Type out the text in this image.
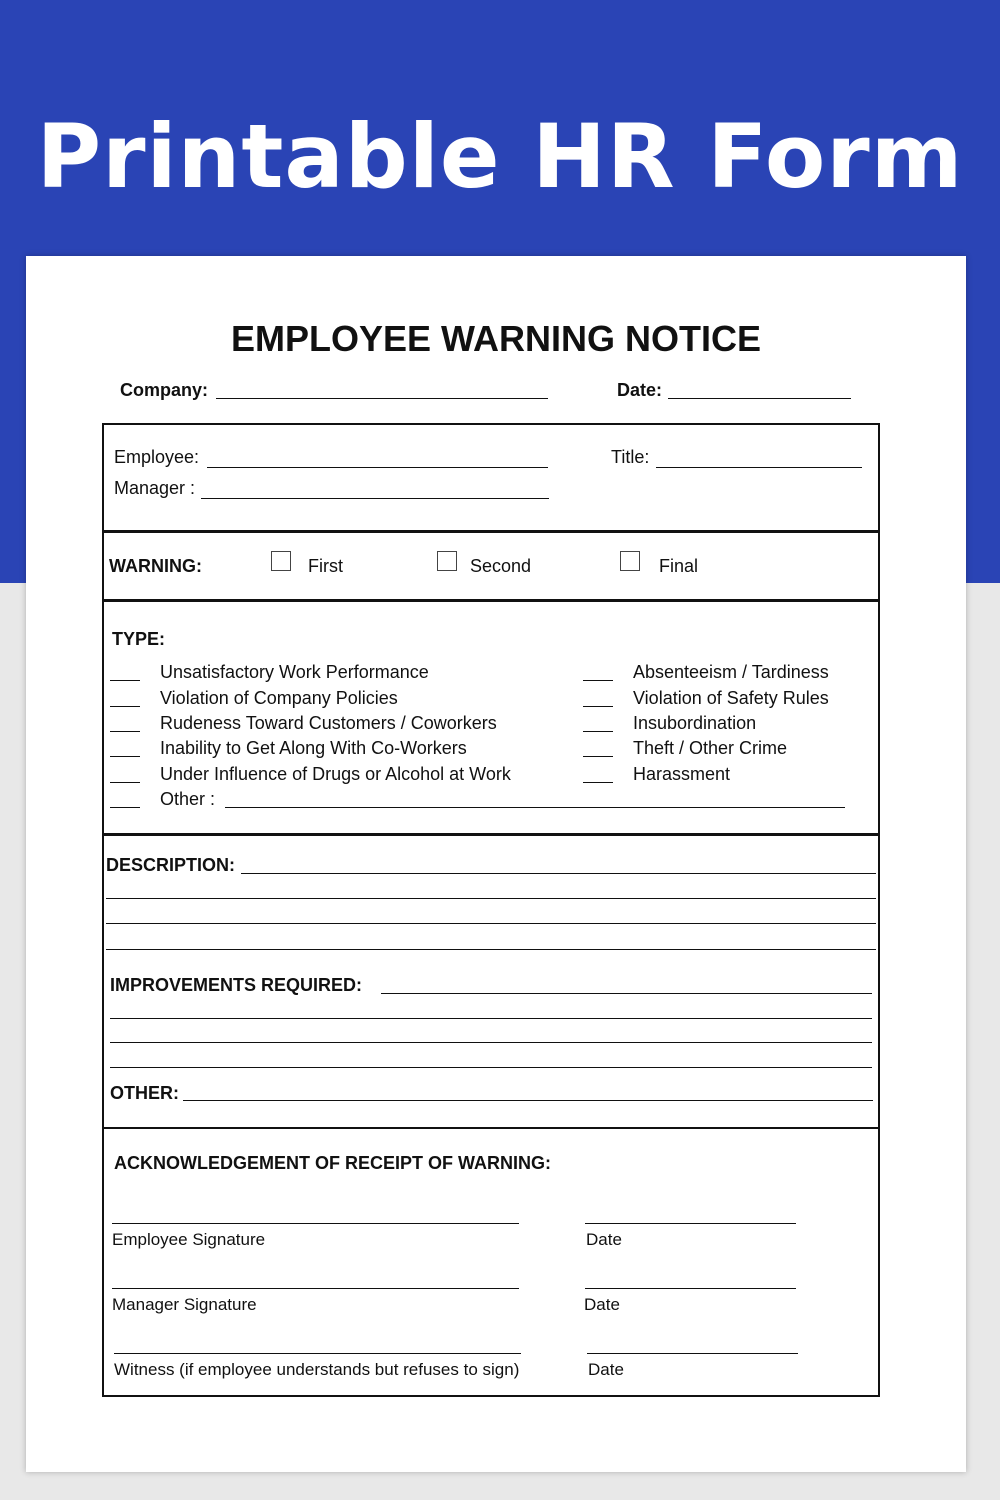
Printable HR Form
EMPLOYEE WARNING NOTICE
Company:	Date:
Employee:	Title:
Manager :
WARNING:	First	Second	Final
TYPE:
Unsatisfactory Work Performance
Violation of Company Policies
Rudeness Toward Customers / Coworkers
Inability to Get Along With Co-Workers
Under Influence of Drugs or Alcohol at Work
Absenteeism / Tardiness
Violation of Safety Rules
Insubordination
Theft / Other Crime
Harassment
Other :
DESCRIPTION:
IMPROVEMENTS REQUIRED:
OTHER:
ACKNOWLEDGEMENT OF RECEIPT OF WARNING:
Employee Signature	Date
Manager Signature	Date
Witness (if employee understands but refuses to sign)	Date
